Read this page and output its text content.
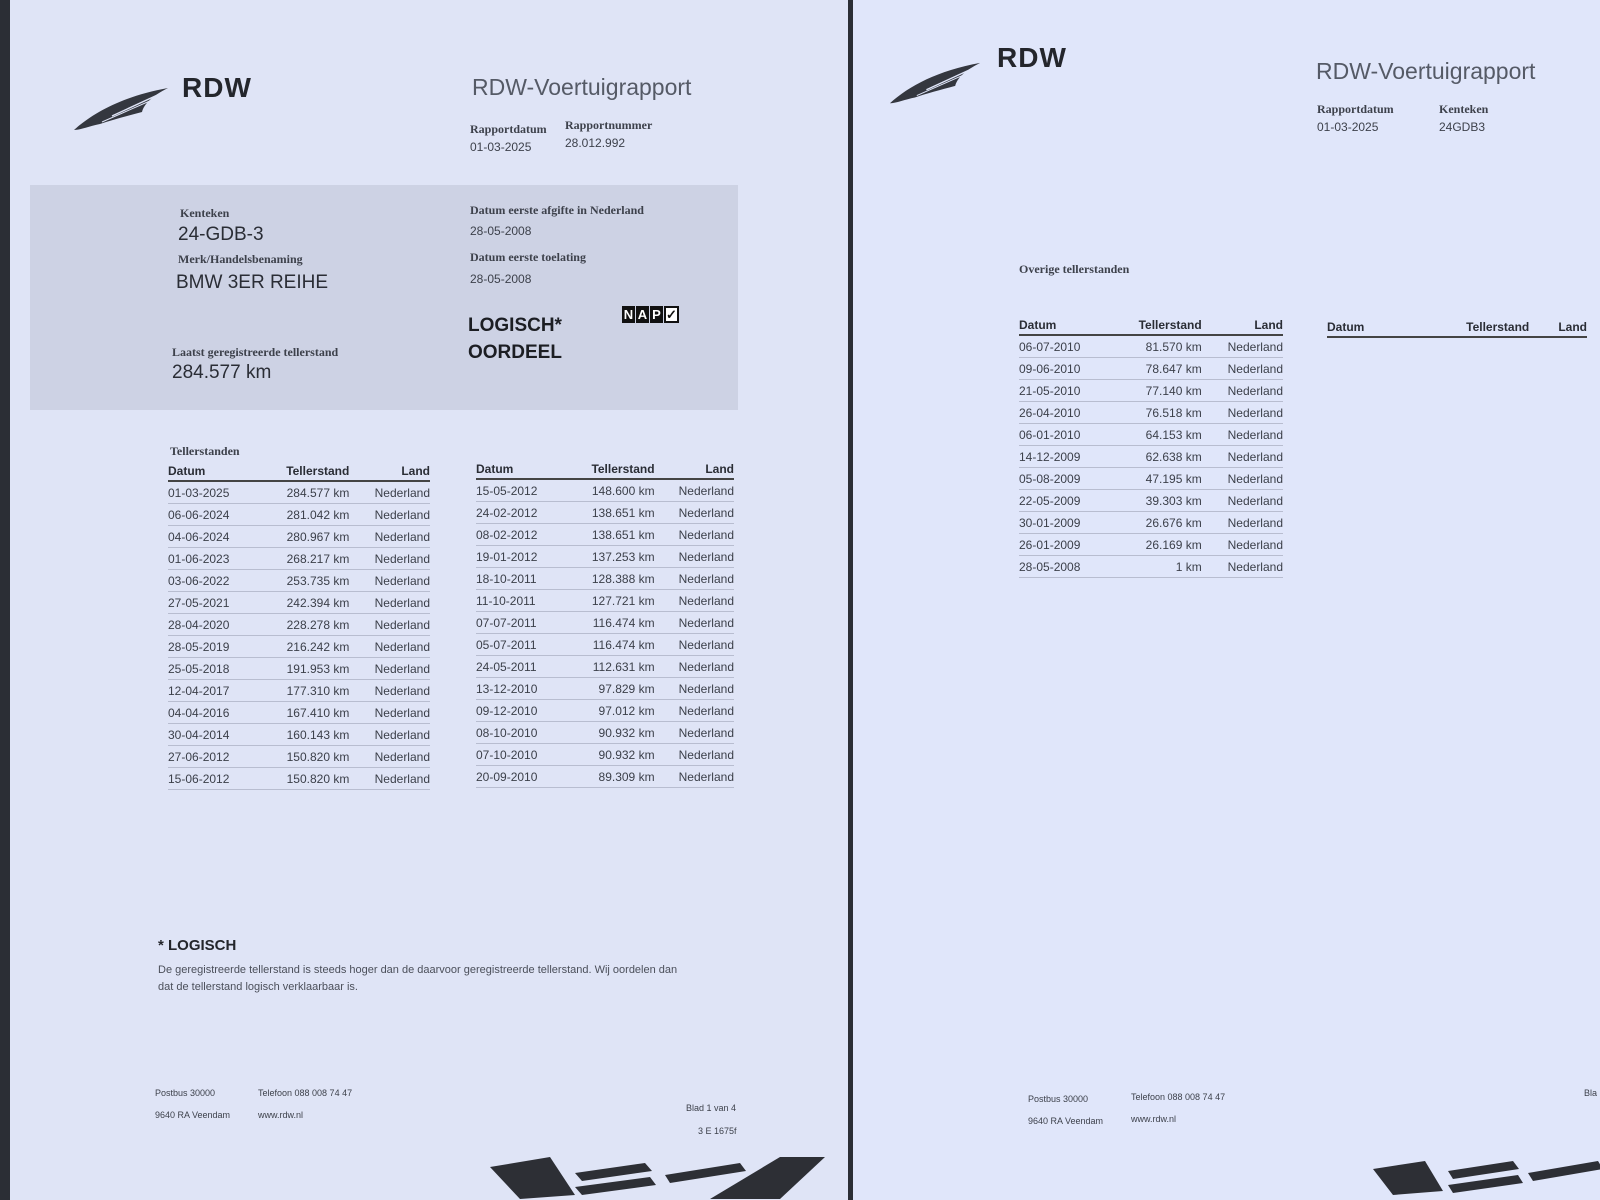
RDW	RDW-Voertuigrapport
Rapportdatum
01-03-2025
Rapportnummer
28.012.992
Kenteken
24-GDB-3
Merk/Handelsbenaming
BMW 3ER REIHE
Laatst geregistreerde tellerstand
284.577 km
Datum eerste afgifte in Nederland
28-05-2008
Datum eerste toelating
28-05-2008
LOGISCH*
OORDEEL
N A P ✓
Tellerstanden
Datum	Tellerstand	Land
01-03-2025	284.577 km	Nederland
06-06-2024	281.042 km	Nederland
04-06-2024	280.967 km	Nederland
01-06-2023	268.217 km	Nederland
03-06-2022	253.735 km	Nederland
27-05-2021	242.394 km	Nederland
28-04-2020	228.278 km	Nederland
28-05-2019	216.242 km	Nederland
25-05-2018	191.953 km	Nederland
12-04-2017	177.310 km	Nederland
04-04-2016	167.410 km	Nederland
30-04-2014	160.143 km	Nederland
27-06-2012	150.820 km	Nederland
15-06-2012	150.820 km	Nederland
Datum	Tellerstand	Land
15-05-2012	148.600 km	Nederland
24-02-2012	138.651 km	Nederland
08-02-2012	138.651 km	Nederland
19-01-2012	137.253 km	Nederland
18-10-2011	128.388 km	Nederland
11-10-2011	127.721 km	Nederland
07-07-2011	116.474 km	Nederland
05-07-2011	116.474 km	Nederland
24-05-2011	112.631 km	Nederland
13-12-2010	97.829 km	Nederland
09-12-2010	97.012 km	Nederland
08-10-2010	90.932 km	Nederland
07-10-2010	90.932 km	Nederland
20-09-2010	89.309 km	Nederland
* LOGISCH
De geregistreerde tellerstand is steeds hoger dan de daarvoor geregistreerde tellerstand. Wij oordelen dan
dat de tellerstand logisch verklaarbaar is.
Postbus 30000
9640 RA Veendam
Telefoon 088 008 74 47
www.rdw.nl
Blad 1 van 4
3 E 1675f
RDW	RDW-Voertuigrapport
Rapportdatum
01-03-2025
Kenteken
24GDB3
Overige tellerstanden
Datum	Tellerstand	Land
06-07-2010	81.570 km	Nederland
09-06-2010	78.647 km	Nederland
21-05-2010	77.140 km	Nederland
26-04-2010	76.518 km	Nederland
06-01-2010	64.153 km	Nederland
14-12-2009	62.638 km	Nederland
05-08-2009	47.195 km	Nederland
22-05-2009	39.303 km	Nederland
30-01-2009	26.676 km	Nederland
26-01-2009	26.169 km	Nederland
28-05-2008	1 km	Nederland
Datum	Tellerstand	Land
Postbus 30000
9640 RA Veendam
Telefoon 088 008 74 47
www.rdw.nl
Bla
